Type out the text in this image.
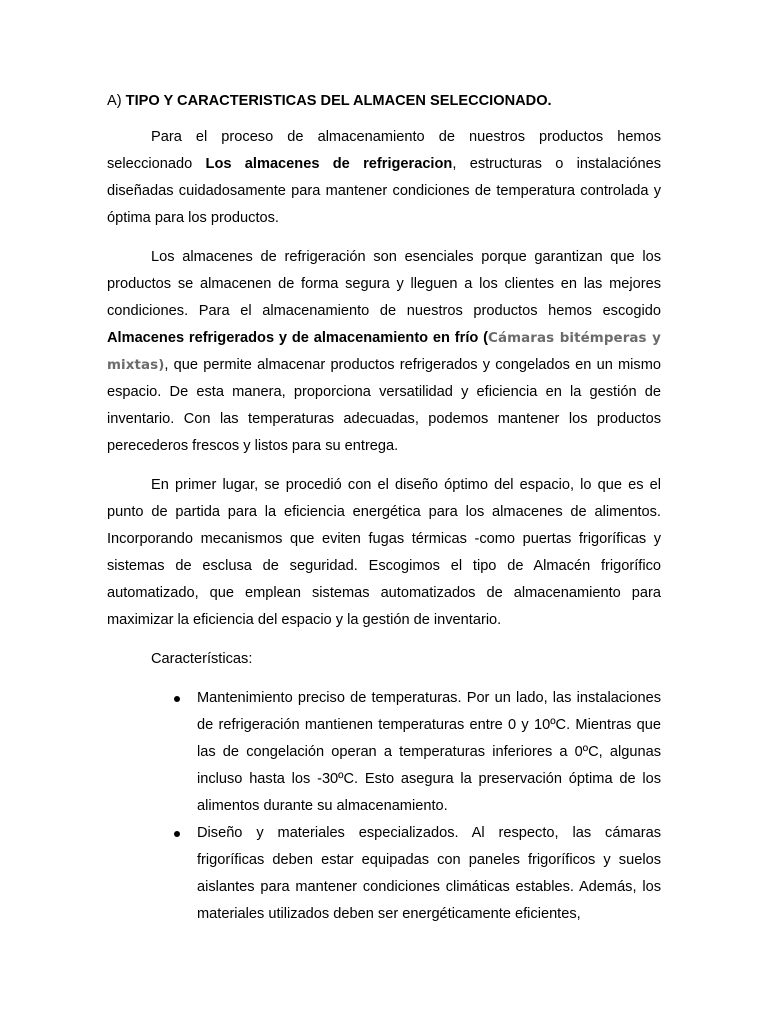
A) TIPO Y CARACTERISTICAS DEL ALMACEN SELECCIONADO.

Para el proceso de almacenamiento de nuestros productos hemos seleccionado Los almacenes de refrigeracion, estructuras o instalaciónes diseñadas cuidadosamente para mantener condiciones de temperatura controlada y óptima para los productos.

Los almacenes de refrigeración son esenciales porque garantizan que los productos se almacenen de forma segura y lleguen a los clientes en las mejores condiciones. Para el almacenamiento de nuestros productos hemos escogido Almacenes refrigerados y de almacenamiento en frío (Cámaras bitémperas y mixtas), que permite almacenar productos refrigerados y congelados en un mismo espacio. De esta manera, proporciona versatilidad y eficiencia en la gestión de inventario. Con las temperaturas adecuadas, podemos mantener los productos perecederos frescos y listos para su entrega.

En primer lugar, se procedió con el diseño óptimo del espacio, lo que es el punto de partida para la eficiencia energética para los almacenes de alimentos. Incorporando mecanismos que eviten fugas térmicas -como puertas frigoríficas y sistemas de esclusa de seguridad. Escogimos el tipo de Almacén frigorífico automatizado, que emplean sistemas automatizados de almacenamiento para maximizar la eficiencia del espacio y la gestión de inventario.

Características:
Mantenimiento preciso de temperaturas. Por un lado, las instalaciones de refrigeración mantienen temperaturas entre 0 y 10ºC. Mientras que las de congelación operan a temperaturas inferiores a 0ºC, algunas incluso hasta los -30ºC. Esto asegura la preservación óptima de los alimentos durante su almacenamiento.
Diseño y materiales especializados. Al respecto, las cámaras frigoríficas deben estar equipadas con paneles frigoríficos y suelos aislantes para mantener condiciones climáticas estables. Además, los materiales utilizados deben ser energéticamente eficientes,
